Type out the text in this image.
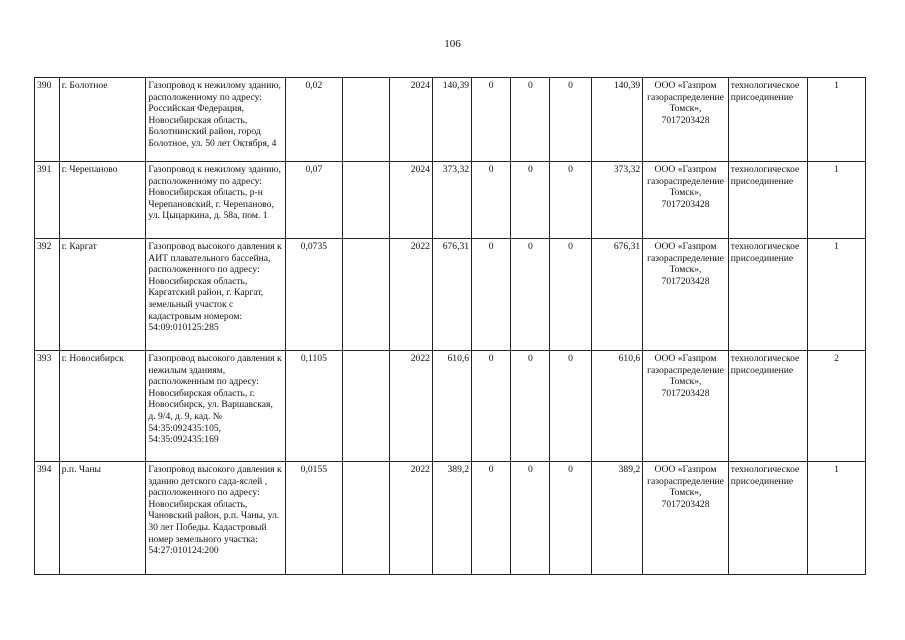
106
390	г. Болотное	Газопровод к нежилому зданию, расположенному по адресу: Российская Федерация, Новосибирская область, Болотнинский район, город Болотное, ул. 50 лет Октября, 4	0,02		2024	140,39	0	0	0	140,39	ООО «Газпром газораспределение Томск», 7017203428	технологическое присоединение	1
391	г. Черепаново	Газопровод к нежилому зданию, расположенному по адресу: Новосибирская область, р-н Черепановский, г. Черепаново, ул. Цыцаркина, д. 58а, пом. 1	0,07		2024	373,32	0	0	0	373,32	ООО «Газпром газораспределение Томск», 7017203428	технологическое присоединение	1
392	г. Каргат	Газопровод высокого давления к АИТ плавательного бассейна, расположенного по адресу: Новосибирская область, Каргатский район, г. Каргат, земельный участок с кадастровым номером: 54:09:010125:285	0,0735		2022	676,31	0	0	0	676,31	ООО «Газпром газораспределение Томск», 7017203428	технологическое присоединение	1
393	г. Новосибирск	Газопровод высокого давления к нежилым зданиям, расположенным по адресу: Новосибирская область, г. Новосибирск, ул. Варшавская, д. 9/4, д. 9, кад. № 54:35:092435:105, 54:35:092435:169	0,1105		2022	610,6	0	0	0	610,6	ООО «Газпром газораспределение Томск», 7017203428	технологическое присоединение	2
394	р.п. Чаны	Газопровод высокого давления к зданию детского сада-яслей , расположенного по адресу: Новосибирская область, Чановский район, р.п. Чаны, ул. 30 лет Победы. Кадастровый номер земельного участка: 54:27:010124:200	0,0155		2022	389,2	0	0	0	389,2	ООО «Газпром газораспределение Томск», 7017203428	технологическое присоединение	1
